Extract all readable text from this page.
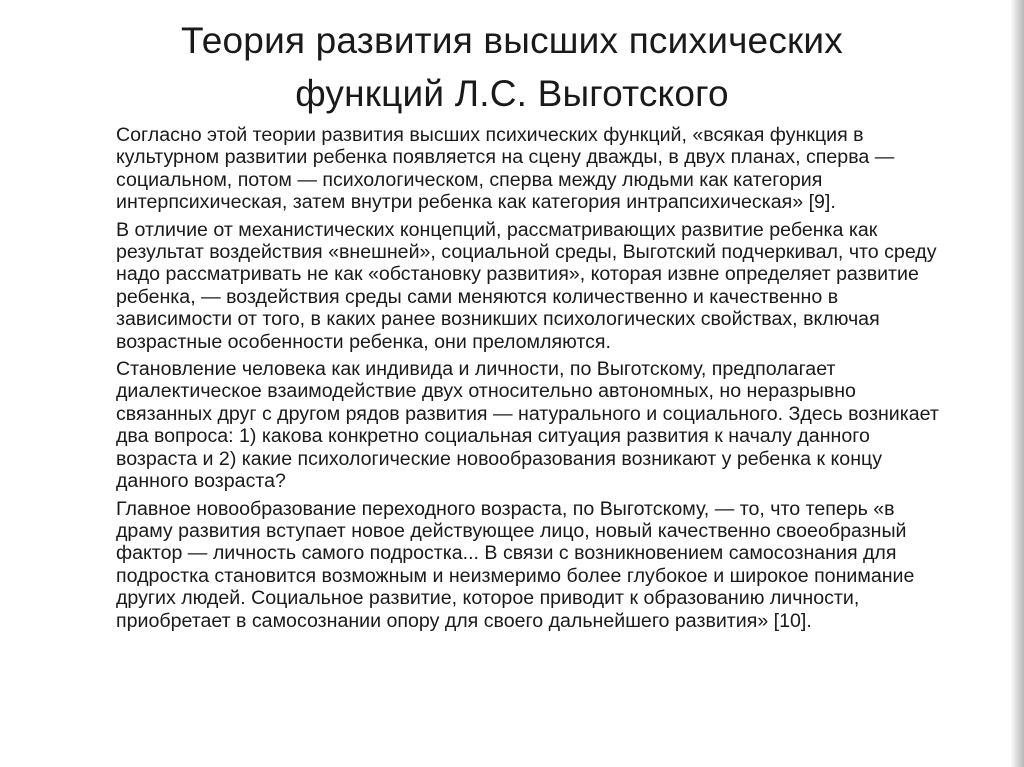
Теория развития высших психических
функций Л.С. Выготского
Согласно этой теории развития высших психических функций, «всякая функция в
культурном развитии ребенка появляется на сцену дважды, в двух планах, сперва —
социальном, потом — психологическом, сперва между людьми как категория
интерпсихическая, затем внутри ребенка как категория интрапсихическая» [9].
В отличие от механистических концепций, рассматривающих развитие ребенка как
результат воздействия «внешней», социальной среды, Выготский подчеркивал, что среду
надо рассматривать не как «обстановку развития», которая извне определяет развитие
ребенка, — воздействия среды сами меняются количественно и качественно в
зависимости от того, в каких ранее возникших психологических свойствах, включая
возрастные особенности ребенка, они преломляются.
Становление человека как индивида и личности, по Выготскому, предполагает
диалектическое взаимодействие двух относительно автономных, но неразрывно
связанных друг с другом рядов развития — натурального и социального. Здесь возникает
два вопроса: 1) какова конкретно социальная ситуация развития к началу данного
возраста и 2) какие психологические новообразования возникают у ребенка к концу
данного возраста?
Главное новообразование переходного возраста, по Выготскому, — то, что теперь «в
драму развития вступает новое действующее лицо, новый качественно своеобразный
фактор — личность самого подростка... В связи с возникновением самосознания для
подростка становится возможным и неизмеримо более глубокое и широкое понимание
других людей. Социальное развитие, которое приводит к образованию личности,
приобретает в самосознании опору для своего дальнейшего развития» [10].
